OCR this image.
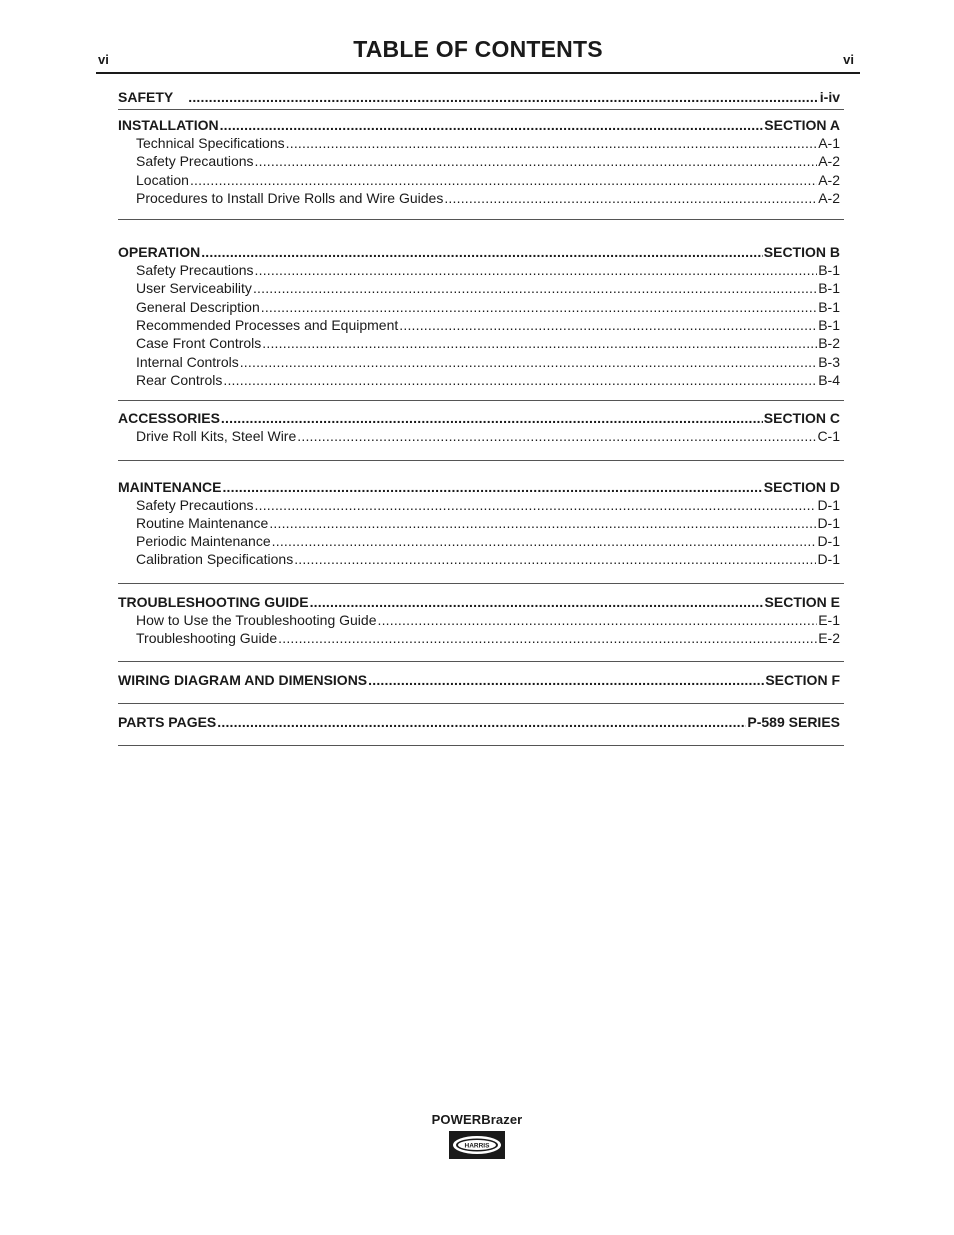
vi	TABLE OF CONTENTS	vi
SAFETY .....	i-iv
INSTALLATION .....	SECTION A
Technical Specifications .....	A-1
Safety Precautions .....	A-2
Location .....	A-2
Procedures to Install Drive Rolls and Wire Guides .....	A-2
OPERATION .....	SECTION B
Safety Precautions .....	B-1
User Serviceability .....	B-1
General Description .....	B-1
Recommended Processes and Equipment .....	B-1
Case Front Controls .....	B-2
Internal Controls .....	B-3
Rear Controls .....	B-4
ACCESSORIES .....	SECTION C
Drive Roll Kits, Steel Wire .....	C-1
MAINTENANCE .....	SECTION D
Safety Precautions .....	D-1
Routine Maintenance .....	D-1
Periodic Maintenance .....	D-1
Calibration Specifications .....	D-1
TROUBLESHOOTING GUIDE .....	SECTION E
How to Use the Troubleshooting Guide .....	E-1
Troubleshooting Guide .....	E-2
WIRING DIAGRAM AND DIMENSIONS .....	SECTION F
PARTS PAGES .....	P-589 SERIES
POWERBrazer
HARRIS
